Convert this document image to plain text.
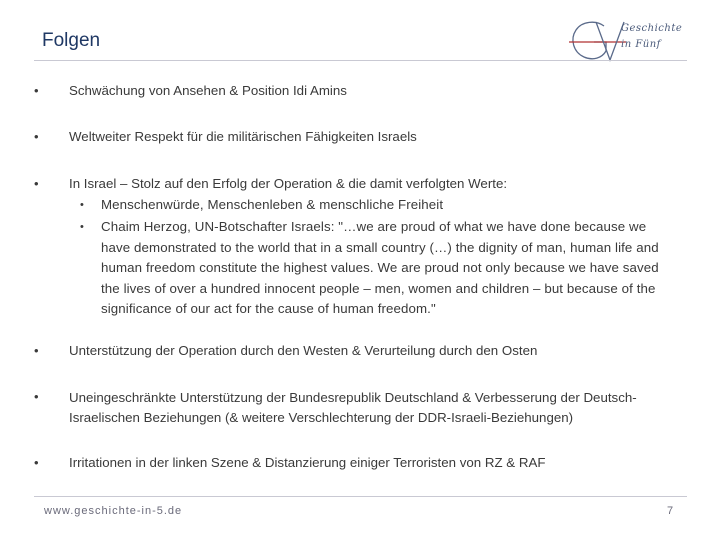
Folgen
Geschichte
in Fünf
• Schwächung von Ansehen & Position Idi Amins
• Weltweiter Respekt für die militärischen Fähigkeiten Israels
• In Israel – Stolz auf den Erfolg der Operation & die damit verfolgten Werte:
• Menschenwürde, Menschenleben & menschliche Freiheit
• Chaim Herzog, UN-Botschafter Israels: "…we are proud of what we have done because we have demonstrated to the world that in a small country (…) the dignity of man, human life and human freedom constitute the highest values. We are proud not only because we have saved the lives of over a hundred innocent people – men, women and children – but because of the significance of our act for the cause of human freedom."
• Unterstützung der Operation durch den Westen & Verurteilung durch den Osten
• Uneingeschränkte Unterstützung der Bundesrepublik Deutschland & Verbesserung der Deutsch-Israelischen Beziehungen (& weitere Verschlechterung der DDR-Israeli-Beziehungen)
• Irritationen in der linken Szene & Distanzierung einiger Terroristen von RZ & RAF
www.geschichte-in-5.de	7
